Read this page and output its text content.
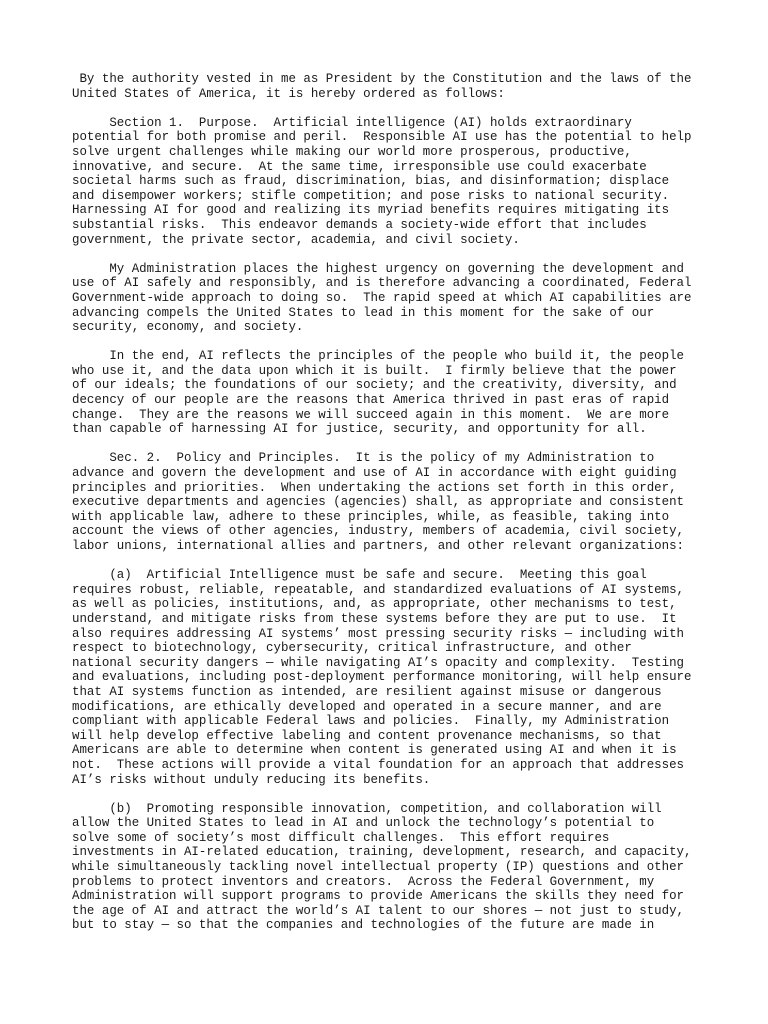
By the authority vested in me as President by the Constitution and the laws of the
United States of America, it is hereby ordered as follows:
Section 1.  Purpose.  Artificial intelligence (AI) holds extraordinary
potential for both promise and peril.  Responsible AI use has the potential to help
solve urgent challenges while making our world more prosperous, productive,
innovative, and secure.  At the same time, irresponsible use could exacerbate
societal harms such as fraud, discrimination, bias, and disinformation; displace
and disempower workers; stifle competition; and pose risks to national security.
Harnessing AI for good and realizing its myriad benefits requires mitigating its
substantial risks.  This endeavor demands a society-wide effort that includes
government, the private sector, academia, and civil society.
My Administration places the highest urgency on governing the development and
use of AI safely and responsibly, and is therefore advancing a coordinated, Federal
Government-wide approach to doing so.  The rapid speed at which AI capabilities are
advancing compels the United States to lead in this moment for the sake of our
security, economy, and society.
In the end, AI reflects the principles of the people who build it, the people
who use it, and the data upon which it is built.  I firmly believe that the power
of our ideals; the foundations of our society; and the creativity, diversity, and
decency of our people are the reasons that America thrived in past eras of rapid
change.  They are the reasons we will succeed again in this moment.  We are more
than capable of harnessing AI for justice, security, and opportunity for all.
Sec. 2.  Policy and Principles.  It is the policy of my Administration to
advance and govern the development and use of AI in accordance with eight guiding
principles and priorities.  When undertaking the actions set forth in this order,
executive departments and agencies (agencies) shall, as appropriate and consistent
with applicable law, adhere to these principles, while, as feasible, taking into
account the views of other agencies, industry, members of academia, civil society,
labor unions, international allies and partners, and other relevant organizations:
(a)  Artificial Intelligence must be safe and secure.  Meeting this goal
requires robust, reliable, repeatable, and standardized evaluations of AI systems,
as well as policies, institutions, and, as appropriate, other mechanisms to test,
understand, and mitigate risks from these systems before they are put to use.  It
also requires addressing AI systems’ most pressing security risks — including with
respect to biotechnology, cybersecurity, critical infrastructure, and other
national security dangers — while navigating AI’s opacity and complexity.  Testing
and evaluations, including post-deployment performance monitoring, will help ensure
that AI systems function as intended, are resilient against misuse or dangerous
modifications, are ethically developed and operated in a secure manner, and are
compliant with applicable Federal laws and policies.  Finally, my Administration
will help develop effective labeling and content provenance mechanisms, so that
Americans are able to determine when content is generated using AI and when it is
not.  These actions will provide a vital foundation for an approach that addresses
AI’s risks without unduly reducing its benefits.
(b)  Promoting responsible innovation, competition, and collaboration will
allow the United States to lead in AI and unlock the technology’s potential to
solve some of society’s most difficult challenges.  This effort requires
investments in AI-related education, training, development, research, and capacity,
while simultaneously tackling novel intellectual property (IP) questions and other
problems to protect inventors and creators.  Across the Federal Government, my
Administration will support programs to provide Americans the skills they need for
the age of AI and attract the world’s AI talent to our shores — not just to study,
but to stay — so that the companies and technologies of the future are made in
